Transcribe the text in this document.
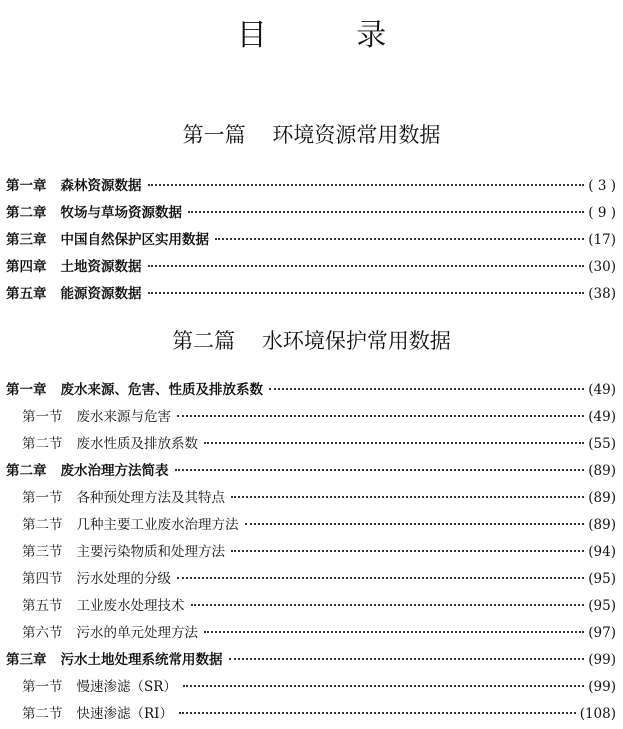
目 录
第一篇    环境资源常用数据
第一章 森林资源数据	( 3 )
第二章 牧场与草场资源数据	( 9 )
第三章 中国自然保护区实用数据	(17)
第四章 土地资源数据	(30)
第五章 能源资源数据	(38)
第二篇    水环境保护常用数据
第一章 废水来源、危害、性质及排放系数	(49)
第一节 废水来源与危害	(49)
第二节 废水性质及排放系数	(55)
第二章 废水治理方法简表	(89)
第一节 各种预处理方法及其特点	(89)
第二节 几种主要工业废水治理方法	(89)
第三节 主要污染物质和处理方法	(94)
第四节 污水处理的分级	(95)
第五节 工业废水处理技术	(95)
第六节 污水的单元处理方法	(97)
第三章 污水土地处理系统常用数据	(99)
第一节 慢速渗滤（SR）	(99)
第二节 快速渗滤（RI）	(108)
